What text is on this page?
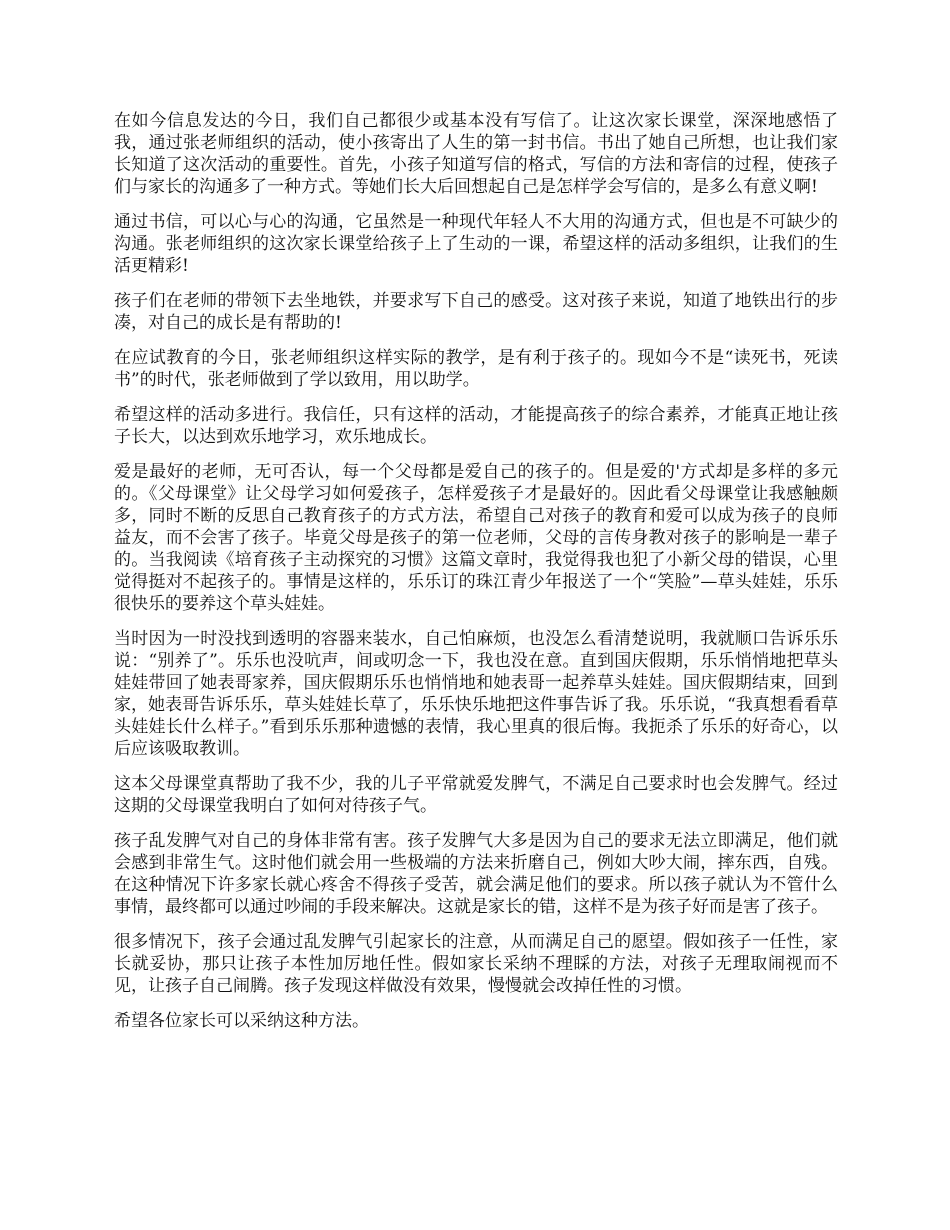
在如今信息发达的今日，我们自己都很少或基本没有写信了。让这次家长课堂，深深地感悟了我，通过张老师组织的活动，使小孩寄出了人生的第一封书信。书出了她自己所想，也让我们家长知道了这次活动的重要性。首先，小孩子知道写信的格式，写信的方法和寄信的过程，使孩子们与家长的沟通多了一种方式。等她们长大后回想起自己是怎样学会写信的，是多么有意义啊!

通过书信，可以心与心的沟通，它虽然是一种现代年轻人不大用的沟通方式，但也是不可缺少的沟通。张老师组织的这次家长课堂给孩子上了生动的一课，希望这样的活动多组织，让我们的生活更精彩!

孩子们在老师的带领下去坐地铁，并要求写下自己的感受。这对孩子来说，知道了地铁出行的步凑，对自己的成长是有帮助的!

在应试教育的今日，张老师组织这样实际的教学，是有利于孩子的。现如今不是“读死书，死读书”的时代，张老师做到了学以致用，用以助学。

希望这样的活动多进行。我信任，只有这样的活动，才能提高孩子的综合素养，才能真正地让孩子长大，以达到欢乐地学习，欢乐地成长。

爱是最好的老师，无可否认，每一个父母都是爱自己的孩子的。但是爱的'方式却是多样的多元的。《父母课堂》让父母学习如何爱孩子，怎样爱孩子才是最好的。因此看父母课堂让我感触颇多，同时不断的反思自己教育孩子的方式方法，希望自己对孩子的教育和爱可以成为孩子的良师益友，而不会害了孩子。毕竟父母是孩子的第一位老师，父母的言传身教对孩子的影响是一辈子的。当我阅读《培育孩子主动探究的习惯》这篇文章时，我觉得我也犯了小新父母的错误，心里觉得挺对不起孩子的。事情是这样的，乐乐订的珠江青少年报送了一个“笑脸”—草头娃娃，乐乐很快乐的要养这个草头娃娃。

当时因为一时没找到透明的容器来装水，自己怕麻烦，也没怎么看清楚说明，我就顺口告诉乐乐说：“别养了”。乐乐也没吭声，间或叨念一下，我也没在意。直到国庆假期，乐乐悄悄地把草头娃娃带回了她表哥家养，国庆假期乐乐也悄悄地和她表哥一起养草头娃娃。国庆假期结束，回到家，她表哥告诉乐乐，草头娃娃长草了，乐乐快乐地把这件事告诉了我。乐乐说，“我真想看看草头娃娃长什么样子。”看到乐乐那种遗憾的表情，我心里真的很后悔。我扼杀了乐乐的好奇心，以后应该吸取教训。

这本父母课堂真帮助了我不少，我的儿子平常就爱发脾气，不满足自己要求时也会发脾气。经过这期的父母课堂我明白了如何对待孩子气。

孩子乱发脾气对自己的身体非常有害。孩子发脾气大多是因为自己的要求无法立即满足，他们就会感到非常生气。这时他们就会用一些极端的方法来折磨自己，例如大吵大闹，摔东西，自残。在这种情况下许多家长就心疼舍不得孩子受苦，就会满足他们的要求。所以孩子就认为不管什么事情，最终都可以通过吵闹的手段来解决。这就是家长的错，这样不是为孩子好而是害了孩子。

很多情况下，孩子会通过乱发脾气引起家长的注意，从而满足自己的愿望。假如孩子一任性，家长就妥协，那只让孩子本性加厉地任性。假如家长采纳不理睬的方法，对孩子无理取闹视而不见，让孩子自己闹腾。孩子发现这样做没有效果，慢慢就会改掉任性的习惯。

希望各位家长可以采纳这种方法。
